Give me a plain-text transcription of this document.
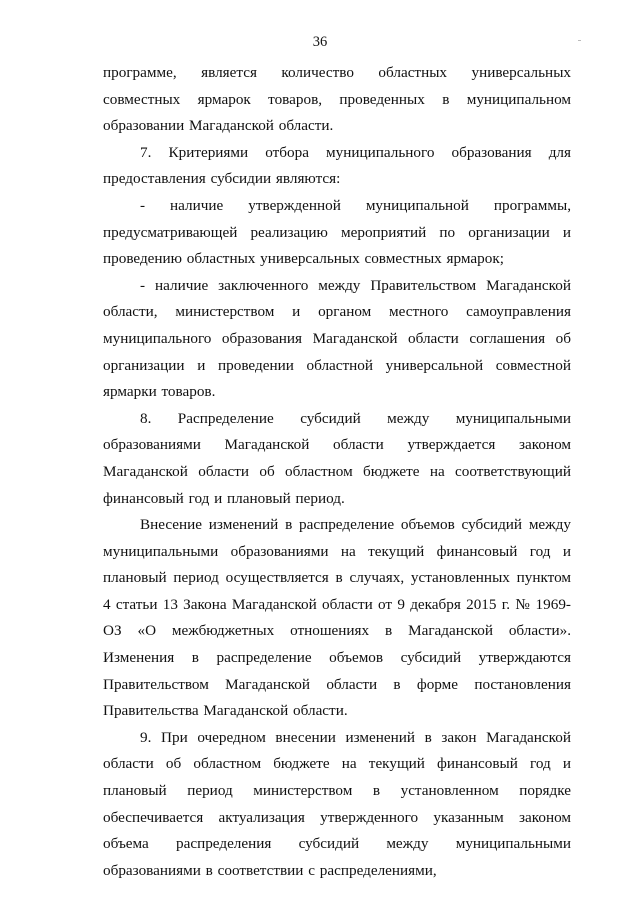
36

программе, является количество областных универсальных совместных ярмарок товаров, проведенных в муниципальном образовании Магаданской области.

7. Критериями отбора муниципального образования для предоставления субсидии являются:

- наличие утвержденной муниципальной программы, предусматривающей реализацию мероприятий по организации и проведению областных универсальных совместных ярмарок;

- наличие заключенного между Правительством Магаданской области, министерством и органом местного самоуправления муниципального образования Магаданской области соглашения об организации и проведении областной универсальной совместной ярмарки товаров.

8. Распределение субсидий между муниципальными образованиями Магаданской области утверждается законом Магаданской области об областном бюджете на соответствующий финансовый год и плановый период.

Внесение изменений в распределение объемов субсидий между муниципальными образованиями на текущий финансовый год и плановый период осуществляется в случаях, установленных пунктом 4 статьи 13 Закона Магаданской области от 9 декабря 2015 г. № 1969-ОЗ «О межбюджетных отношениях в Магаданской области». Изменения в распределение объемов субсидий утверждаются Правительством Магаданской области в форме постановления Правительства Магаданской области.

9. При очередном внесении изменений в закон Магаданской области об областном бюджете на текущий финансовый год и плановый период министерством в установленном порядке обеспечивается актуализация утвержденного указанным законом объема распределения субсидий между муниципальными образованиями в соответствии с распределениями,
